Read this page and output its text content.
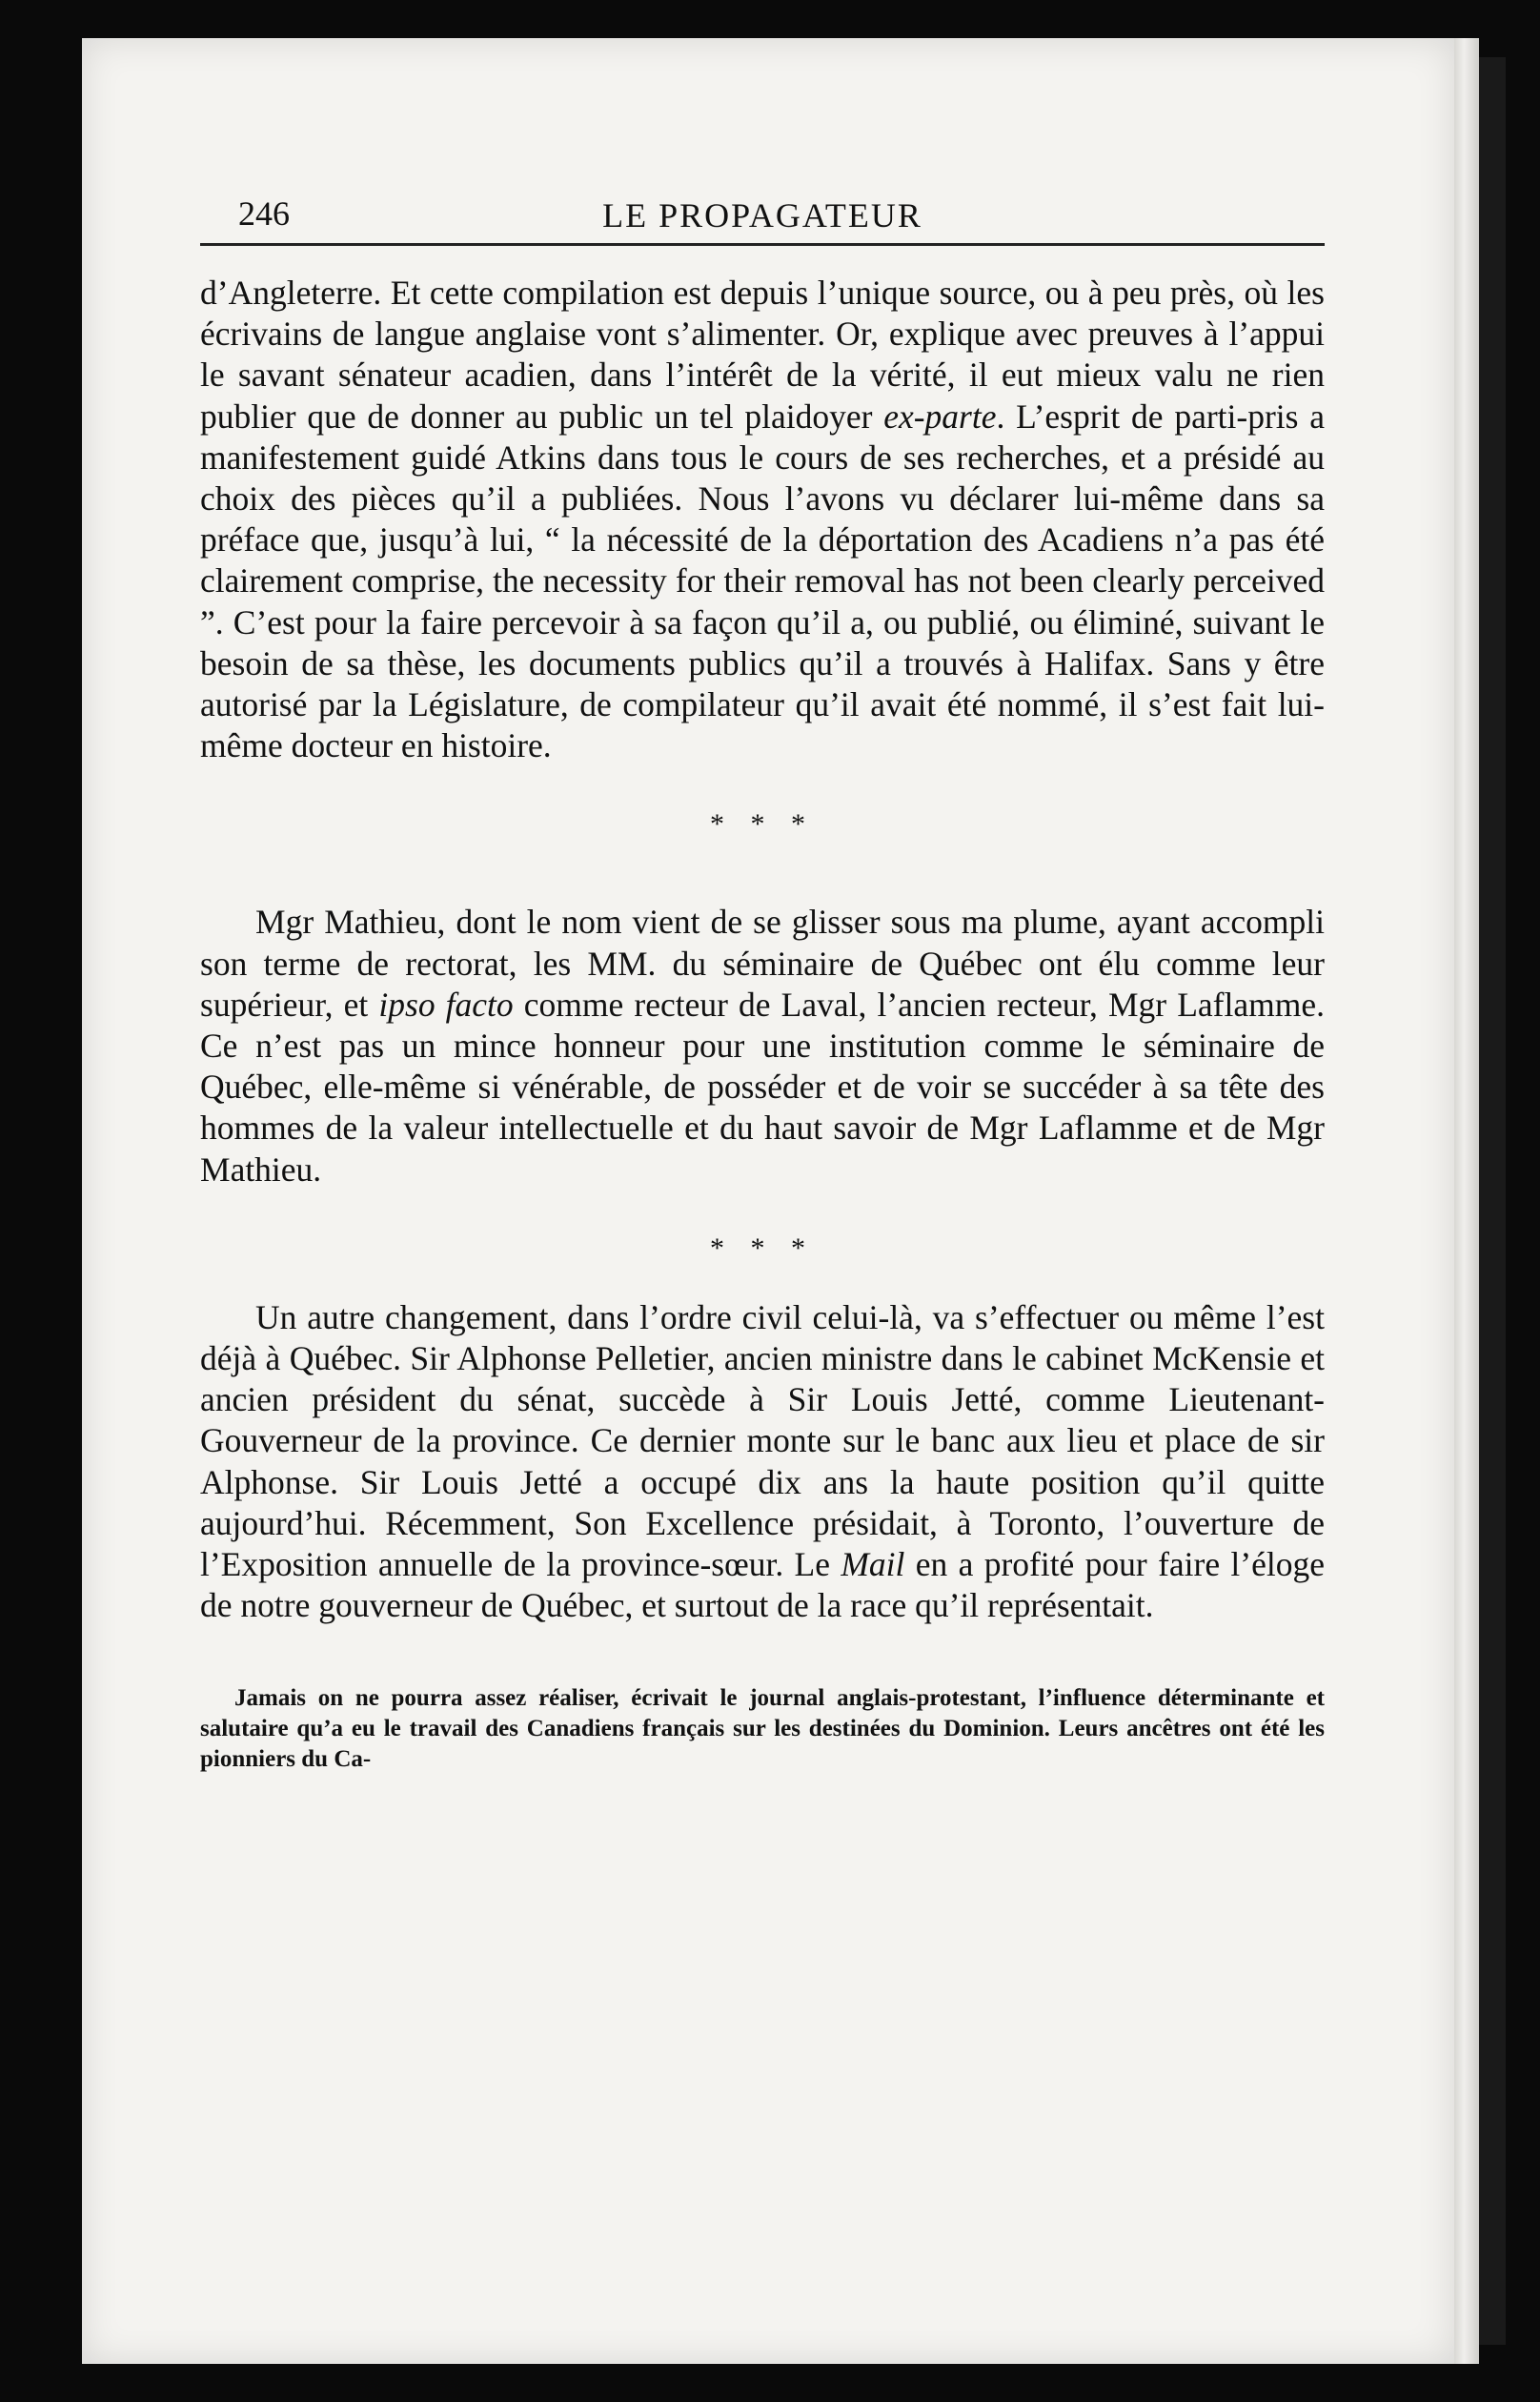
246	LE PROPAGATEUR

d’Angleterre. Et cette compilation est depuis l’unique source, ou à peu près, où les écrivains de langue anglaise vont s’alimenter. Or, explique avec preuves à l’appui le savant sénateur acadien, dans l’intérêt de la vérité, il eut mieux valu ne rien publier que de donner au public un tel plaidoyer ex-parte. L’esprit de parti-pris a manifestement guidé Atkins dans tous le cours de ses recherches, et a présidé au choix des pièces qu’il a publiées. Nous l’avons vu déclarer lui-même dans sa préface que, jusqu’à lui, “ la nécessité de la déportation des Acadiens n’a pas été clairement comprise, the necessity for their removal has not been clearly perceived ”. C’est pour la faire percevoir à sa façon qu’il a, ou publié, ou éliminé, suivant le besoin de sa thèse, les documents publics qu’il a trouvés à Halifax. Sans y être autorisé par la Législature, de compilateur qu’il avait été nommé, il s’est fait lui-même docteur en histoire.

* * *

Mgr Mathieu, dont le nom vient de se glisser sous ma plume, ayant accompli son terme de rectorat, les MM. du séminaire de Québec ont élu comme leur supérieur, et ipso facto comme recteur de Laval, l’ancien recteur, Mgr Laflamme. Ce n’est pas un mince honneur pour une institution comme le séminaire de Québec, elle-même si vénérable, de posséder et de voir se succéder à sa tête des hommes de la valeur intellectuelle et du haut savoir de Mgr Laflamme et de Mgr Mathieu.

* * *

Un autre changement, dans l’ordre civil celui-là, va s’effectuer ou même l’est déjà à Québec. Sir Alphonse Pelletier, ancien ministre dans le cabinet McKensie et ancien président du sénat, succède à Sir Louis Jetté, comme Lieutenant-Gouverneur de la province. Ce dernier monte sur le banc aux lieu et place de sir Alphonse. Sir Louis Jetté a occupé dix ans la haute position qu’il quitte aujourd’hui. Récemment, Son Excellence présidait, à Toronto, l’ouverture de l’Exposition annuelle de la province-sœur. Le Mail en a profité pour faire l’éloge de notre gouverneur de Québec, et surtout de la race qu’il représentait.

Jamais on ne pourra assez réaliser, écrivait le journal anglais-protestant, l’influence déterminante et salutaire qu’a eu le travail des Canadiens français sur les destinées du Dominion. Leurs ancêtres ont été les pionniers du Ca-
